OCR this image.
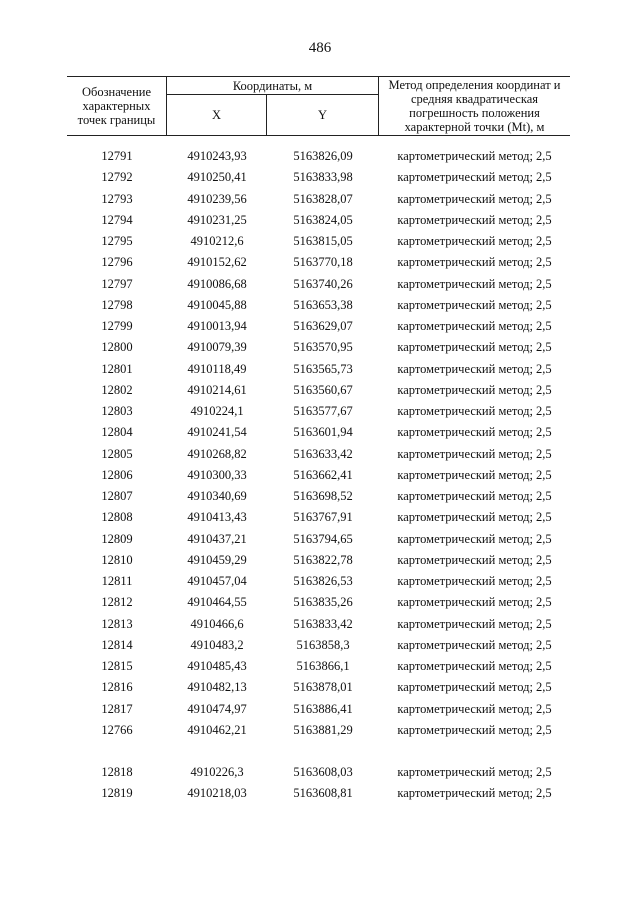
486
Обозначение характерных точек границы
Координаты, м
X	Y
Метод определения координат и средняя квадратическая погрешность положения характерной точки (Mt), м
12791	4910243,93	5163826,09	картометрический метод; 2,5
12792	4910250,41	5163833,98	картометрический метод; 2,5
12793	4910239,56	5163828,07	картометрический метод; 2,5
12794	4910231,25	5163824,05	картометрический метод; 2,5
12795	4910212,6	5163815,05	картометрический метод; 2,5
12796	4910152,62	5163770,18	картометрический метод; 2,5
12797	4910086,68	5163740,26	картометрический метод; 2,5
12798	4910045,88	5163653,38	картометрический метод; 2,5
12799	4910013,94	5163629,07	картометрический метод; 2,5
12800	4910079,39	5163570,95	картометрический метод; 2,5
12801	4910118,49	5163565,73	картометрический метод; 2,5
12802	4910214,61	5163560,67	картометрический метод; 2,5
12803	4910224,1	5163577,67	картометрический метод; 2,5
12804	4910241,54	5163601,94	картометрический метод; 2,5
12805	4910268,82	5163633,42	картометрический метод; 2,5
12806	4910300,33	5163662,41	картометрический метод; 2,5
12807	4910340,69	5163698,52	картометрический метод; 2,5
12808	4910413,43	5163767,91	картометрический метод; 2,5
12809	4910437,21	5163794,65	картометрический метод; 2,5
12810	4910459,29	5163822,78	картометрический метод; 2,5
12811	4910457,04	5163826,53	картометрический метод; 2,5
12812	4910464,55	5163835,26	картометрический метод; 2,5
12813	4910466,6	5163833,42	картометрический метод; 2,5
12814	4910483,2	5163858,3	картометрический метод; 2,5
12815	4910485,43	5163866,1	картометрический метод; 2,5
12816	4910482,13	5163878,01	картометрический метод; 2,5
12817	4910474,97	5163886,41	картометрический метод; 2,5
12766	4910462,21	5163881,29	картометрический метод; 2,5
12818	4910226,3	5163608,03	картометрический метод; 2,5
12819	4910218,03	5163608,81	картометрический метод; 2,5
